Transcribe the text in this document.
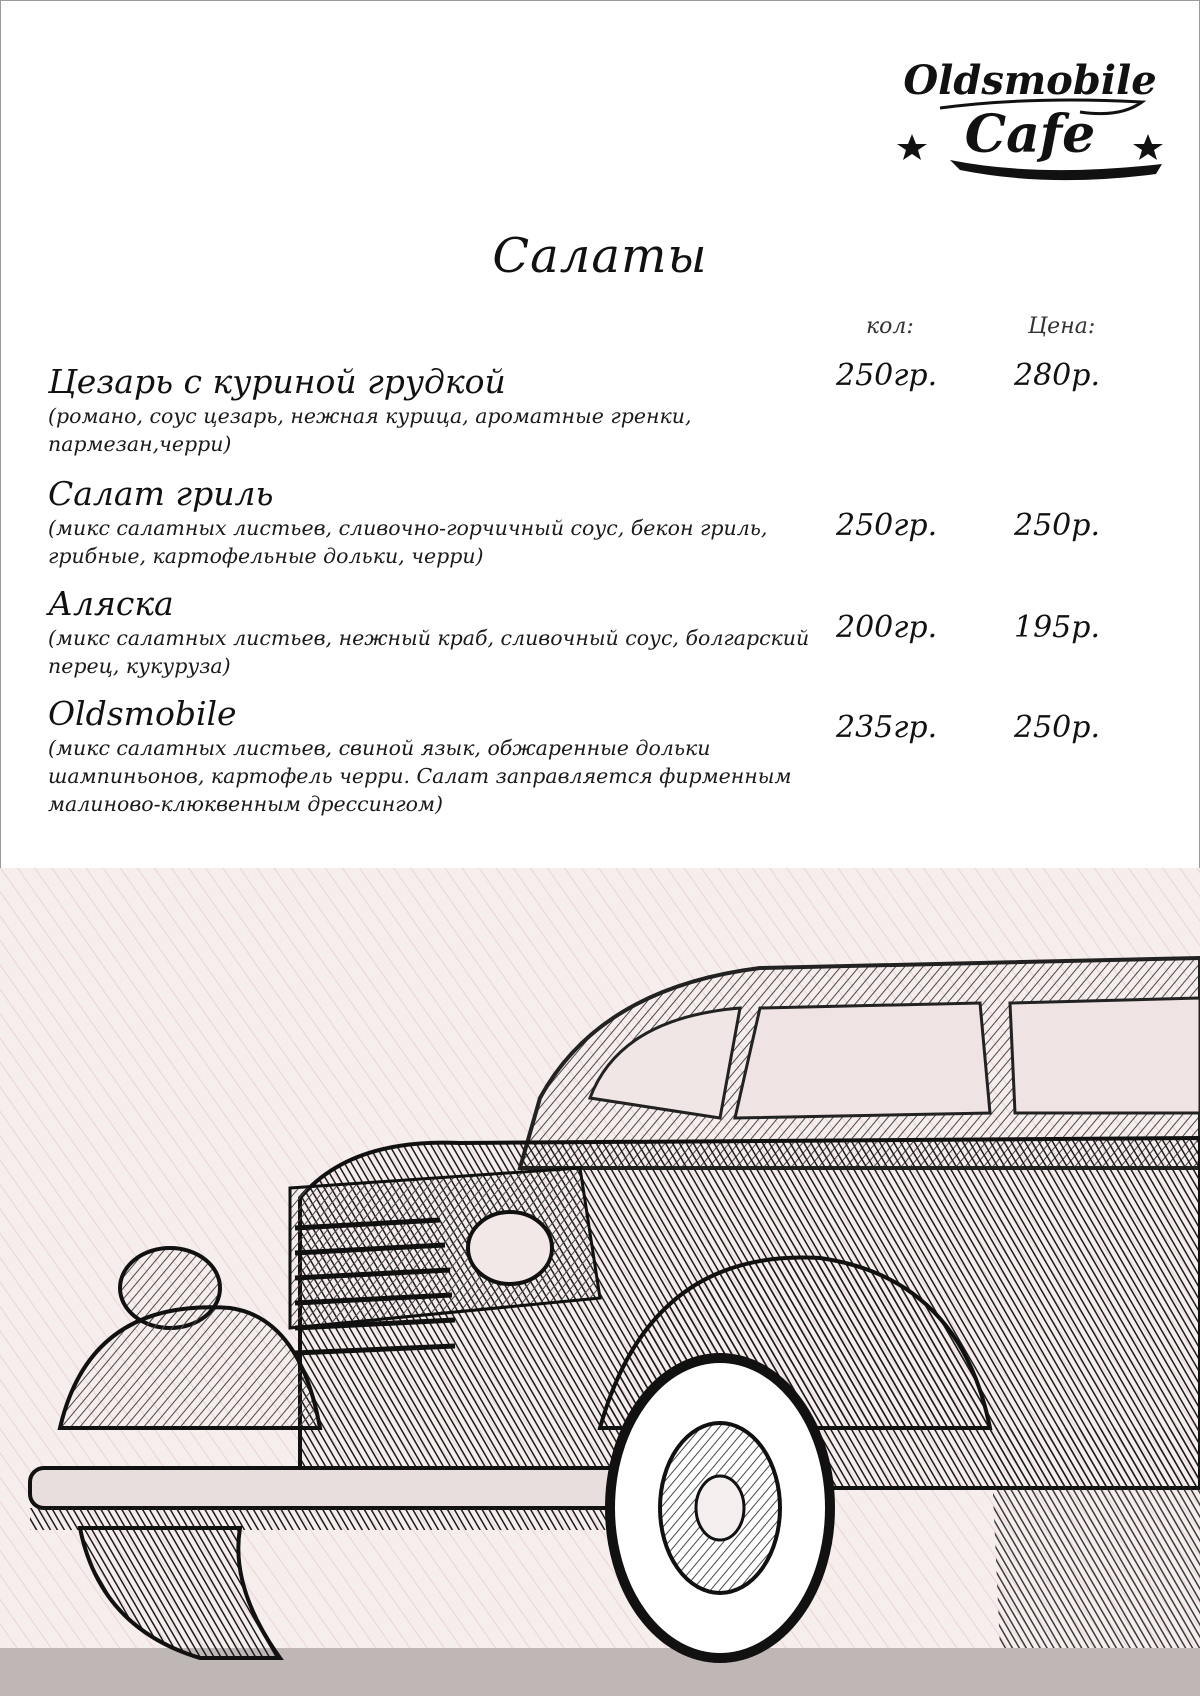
Oldsmobile
Cafe
Салаты
кол:	Цена:
Цезарь с куриной грудкой
(романо, соус цезарь, нежная курица, ароматные гренки, пармезан,черри)
250гр.	280р.
Салат гриль
(микс салатных листьев, сливочно-горчичный соус, бекон гриль, грибные, картофельные дольки, черри)
250гр.	250р.
Аляска
(микс салатных листьев, нежный краб, сливочный соус, болгарский перец, кукуруза)
200гр.	195р.
Oldsmobile
(микс салатных листьев, свиной язык, обжаренные дольки шампиньонов, картофель черри. Салат заправляется фирменным малиново-клюквенным дрессингом)
235гр.	250р.
